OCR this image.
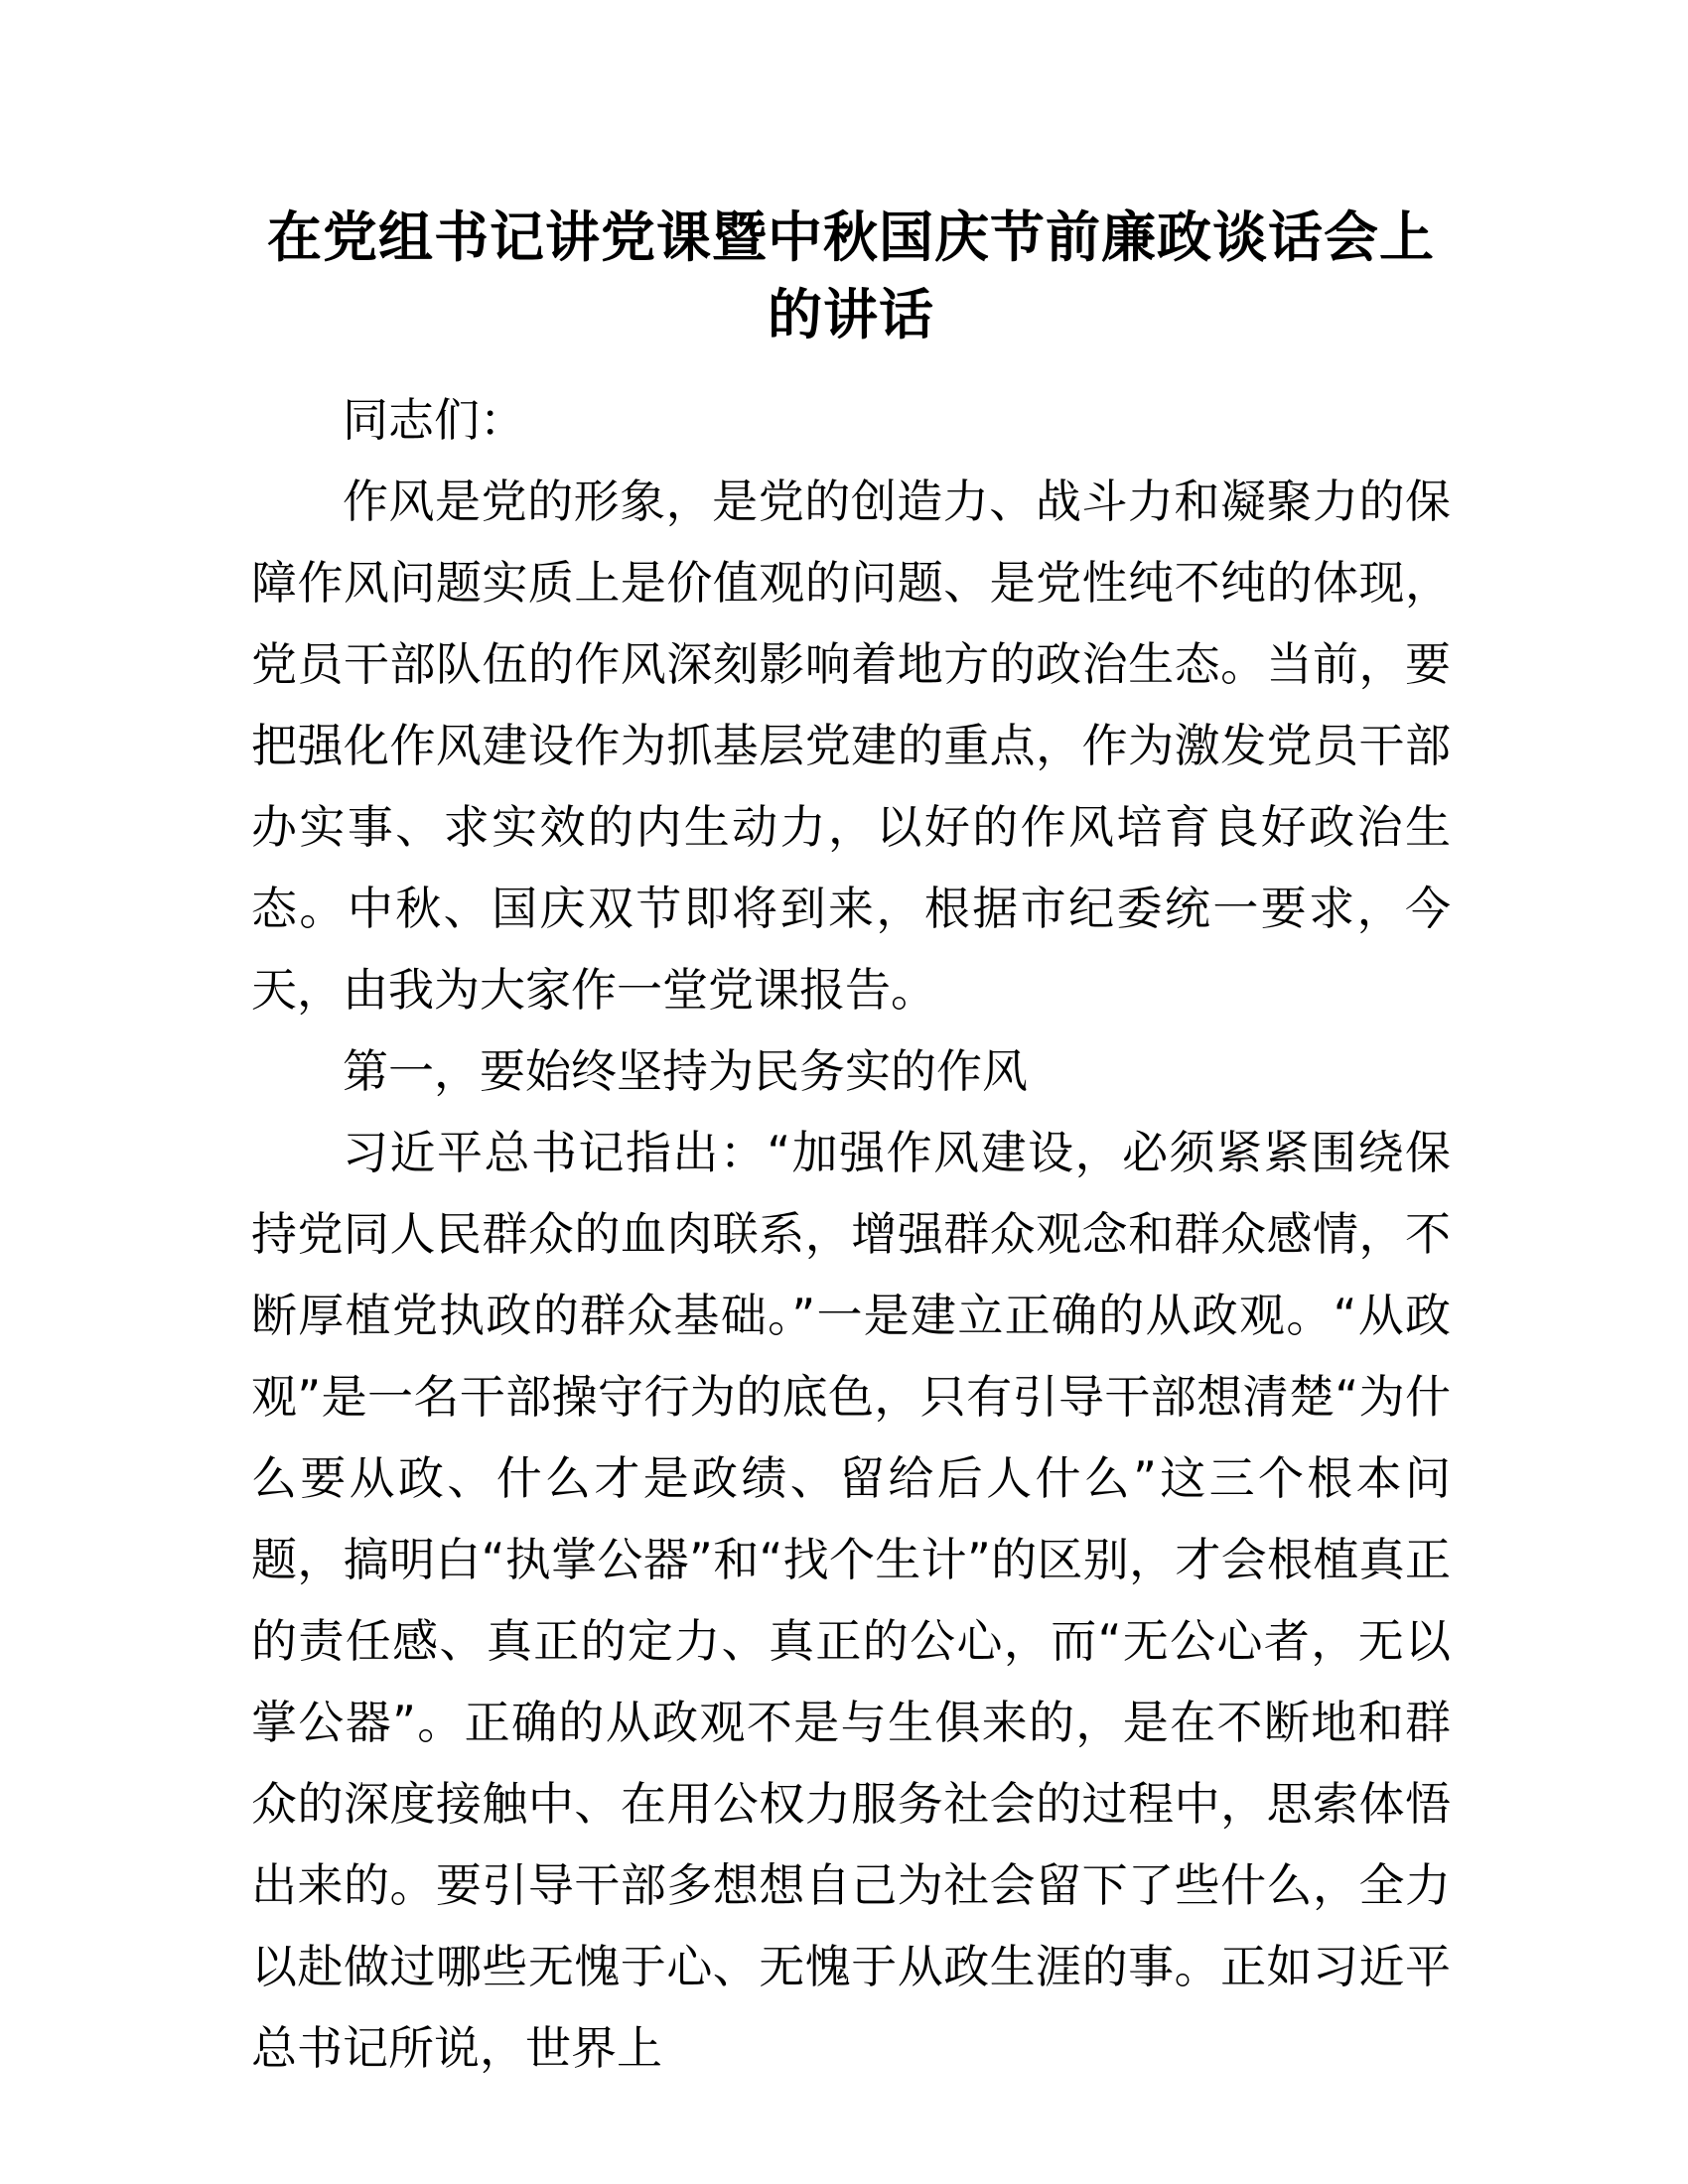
在党组书记讲党课暨中秋国庆节前廉政谈话会上的讲话

同志们：

作风是党的形象，是党的创造力、战斗力和凝聚力的保障作风问题实质上是价值观的问题、是党性纯不纯的体现，党员干部队伍的作风深刻影响着地方的政治生态。当前，要把强化作风建设作为抓基层党建的重点，作为激发党员干部办实事、求实效的内生动力，以好的作风培育良好政治生态。中秋、国庆双节即将到来，根据市纪委统一要求，今天，由我为大家作一堂党课报告。

第一，要始终坚持为民务实的作风

习近平总书记指出：“加强作风建设，必须紧紧围绕保持党同人民群众的血肉联系，增强群众观念和群众感情，不断厚植党执政的群众基础。”一是建立正确的从政观。“从政观”是一名干部操守行为的底色，只有引导干部想清楚“为什么要从政、什么才是政绩、留给后人什么”这三个根本问题，搞明白“执掌公器”和“找个生计”的区别，才会根植真正的责任感、真正的定力、真正的公心，而“无公心者，无以掌公器”。正确的从政观不是与生俱来的，是在不断地和群众的深度接触中、在用公权力服务社会的过程中，思索体悟出来的。要引导干部多想想自己为社会留下了些什么，全力以赴做过哪些无愧于心、无愧于从政生涯的事。正如习近平总书记所说，世界上
